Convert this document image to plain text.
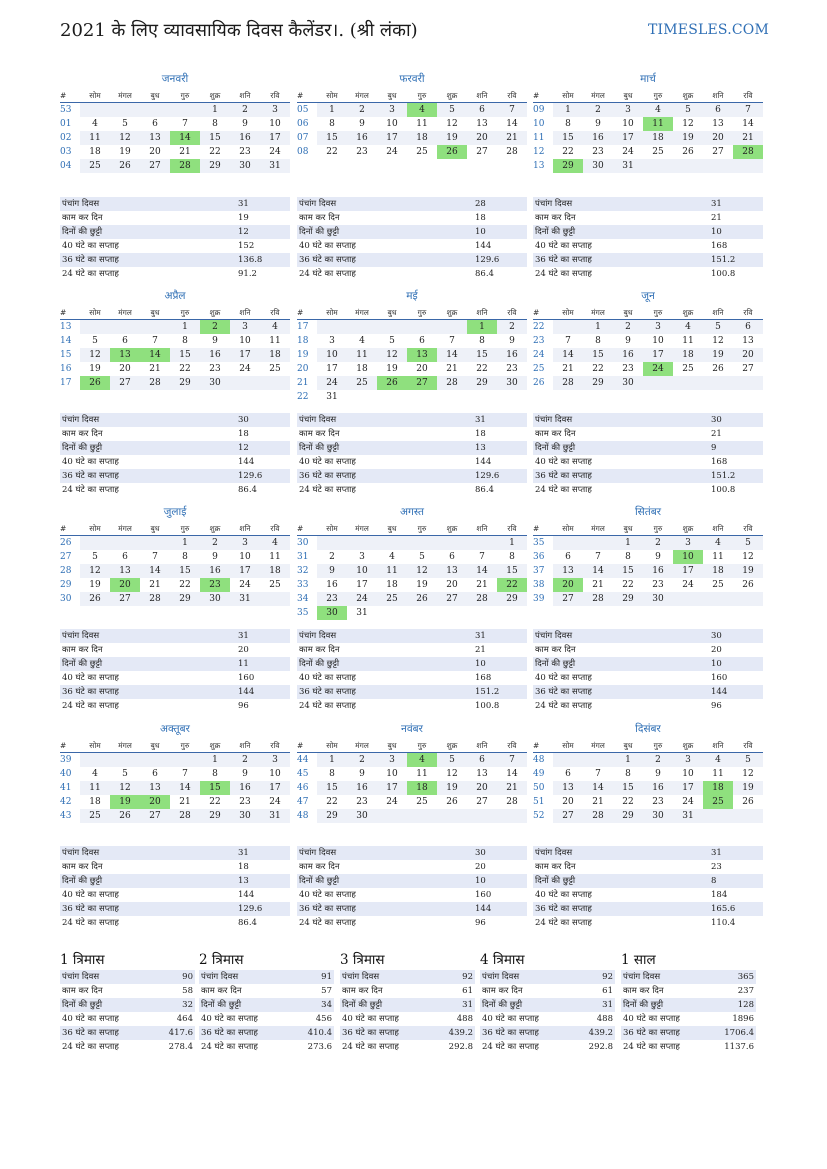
2021 के लिए व्यावसायिक दिवस कैलेंडर।. (श्री लंका)	TIMESLES.COM
जनवरी
#	सोम	मंगल	बुध	गुरु	शुक्र	शनि	रवि
53					1	2	3
01	4	5	6	7	8	9	10
02	11	12	13	14	15	16	17
03	18	19	20	21	22	23	24
04	25	26	27	28	29	30	31
पंचांग दिवस	31
काम कर दिन	19
दिनों की छुट्टी	12
40 घंटे का सप्ताह	152
36 घंटे का सप्ताह	136.8
24 घंटे का सप्ताह	91.2
फरवरी
#	सोम	मंगल	बुध	गुरु	शुक्र	शनि	रवि
05	1	2	3	4	5	6	7
06	8	9	10	11	12	13	14
07	15	16	17	18	19	20	21
08	22	23	24	25	26	27	28
पंचांग दिवस	28
काम कर दिन	18
दिनों की छुट्टी	10
40 घंटे का सप्ताह	144
36 घंटे का सप्ताह	129.6
24 घंटे का सप्ताह	86.4
मार्च
#	सोम	मंगल	बुध	गुरु	शुक्र	शनि	रवि
09	1	2	3	4	5	6	7
10	8	9	10	11	12	13	14
11	15	16	17	18	19	20	21
12	22	23	24	25	26	27	28
13	29	30	31				
पंचांग दिवस	31
काम कर दिन	21
दिनों की छुट्टी	10
40 घंटे का सप्ताह	168
36 घंटे का सप्ताह	151.2
24 घंटे का सप्ताह	100.8
अप्रैल
#	सोम	मंगल	बुध	गुरु	शुक्र	शनि	रवि
13				1	2	3	4
14	5	6	7	8	9	10	11
15	12	13	14	15	16	17	18
16	19	20	21	22	23	24	25
17	26	27	28	29	30		
पंचांग दिवस	30
काम कर दिन	18
दिनों की छुट्टी	12
40 घंटे का सप्ताह	144
36 घंटे का सप्ताह	129.6
24 घंटे का सप्ताह	86.4
मई
#	सोम	मंगल	बुध	गुरु	शुक्र	शनि	रवि
17						1	2
18	3	4	5	6	7	8	9
19	10	11	12	13	14	15	16
20	17	18	19	20	21	22	23
21	24	25	26	27	28	29	30
22	31						
पंचांग दिवस	31
काम कर दिन	18
दिनों की छुट्टी	13
40 घंटे का सप्ताह	144
36 घंटे का सप्ताह	129.6
24 घंटे का सप्ताह	86.4
जून
#	सोम	मंगल	बुध	गुरु	शुक्र	शनि	रवि
22		1	2	3	4	5	6
23	7	8	9	10	11	12	13
24	14	15	16	17	18	19	20
25	21	22	23	24	25	26	27
26	28	29	30				
पंचांग दिवस	30
काम कर दिन	21
दिनों की छुट्टी	9
40 घंटे का सप्ताह	168
36 घंटे का सप्ताह	151.2
24 घंटे का सप्ताह	100.8
जुलाई
#	सोम	मंगल	बुध	गुरु	शुक्र	शनि	रवि
26				1	2	3	4
27	5	6	7	8	9	10	11
28	12	13	14	15	16	17	18
29	19	20	21	22	23	24	25
30	26	27	28	29	30	31	
पंचांग दिवस	31
काम कर दिन	20
दिनों की छुट्टी	11
40 घंटे का सप्ताह	160
36 घंटे का सप्ताह	144
24 घंटे का सप्ताह	96
अगस्त
#	सोम	मंगल	बुध	गुरु	शुक्र	शनि	रवि
30							1
31	2	3	4	5	6	7	8
32	9	10	11	12	13	14	15
33	16	17	18	19	20	21	22
34	23	24	25	26	27	28	29
35	30	31					
पंचांग दिवस	31
काम कर दिन	21
दिनों की छुट्टी	10
40 घंटे का सप्ताह	168
36 घंटे का सप्ताह	151.2
24 घंटे का सप्ताह	100.8
सितंबर
#	सोम	मंगल	बुध	गुरु	शुक्र	शनि	रवि
35			1	2	3	4	5
36	6	7	8	9	10	11	12
37	13	14	15	16	17	18	19
38	20	21	22	23	24	25	26
39	27	28	29	30			
पंचांग दिवस	30
काम कर दिन	20
दिनों की छुट्टी	10
40 घंटे का सप्ताह	160
36 घंटे का सप्ताह	144
24 घंटे का सप्ताह	96
अक्तूबर
#	सोम	मंगल	बुध	गुरु	शुक्र	शनि	रवि
39					1	2	3
40	4	5	6	7	8	9	10
41	11	12	13	14	15	16	17
42	18	19	20	21	22	23	24
43	25	26	27	28	29	30	31
पंचांग दिवस	31
काम कर दिन	18
दिनों की छुट्टी	13
40 घंटे का सप्ताह	144
36 घंटे का सप्ताह	129.6
24 घंटे का सप्ताह	86.4
नवंबर
#	सोम	मंगल	बुध	गुरु	शुक्र	शनि	रवि
44	1	2	3	4	5	6	7
45	8	9	10	11	12	13	14
46	15	16	17	18	19	20	21
47	22	23	24	25	26	27	28
48	29	30					
पंचांग दिवस	30
काम कर दिन	20
दिनों की छुट्टी	10
40 घंटे का सप्ताह	160
36 घंटे का सप्ताह	144
24 घंटे का सप्ताह	96
दिसंबर
#	सोम	मंगल	बुध	गुरु	शुक्र	शनि	रवि
48			1	2	3	4	5
49	6	7	8	9	10	11	12
50	13	14	15	16	17	18	19
51	20	21	22	23	24	25	26
52	27	28	29	30	31		
पंचांग दिवस	31
काम कर दिन	23
दिनों की छुट्टी	8
40 घंटे का सप्ताह	184
36 घंटे का सप्ताह	165.6
24 घंटे का सप्ताह	110.4
1 त्रिमास
पंचांग दिवस	90
काम कर दिन	58
दिनों की छुट्टी	32
40 घंटे का सप्ताह	464
36 घंटे का सप्ताह	417.6
24 घंटे का सप्ताह	278.4
2 त्रिमास
पंचांग दिवस	91
काम कर दिन	57
दिनों की छुट्टी	34
40 घंटे का सप्ताह	456
36 घंटे का सप्ताह	410.4
24 घंटे का सप्ताह	273.6
3 त्रिमास
पंचांग दिवस	92
काम कर दिन	61
दिनों की छुट्टी	31
40 घंटे का सप्ताह	488
36 घंटे का सप्ताह	439.2
24 घंटे का सप्ताह	292.8
4 त्रिमास
पंचांग दिवस	92
काम कर दिन	61
दिनों की छुट्टी	31
40 घंटे का सप्ताह	488
36 घंटे का सप्ताह	439.2
24 घंटे का सप्ताह	292.8
1 साल
पंचांग दिवस	365
काम कर दिन	237
दिनों की छुट्टी	128
40 घंटे का सप्ताह	1896
36 घंटे का सप्ताह	1706.4
24 घंटे का सप्ताह	1137.6
